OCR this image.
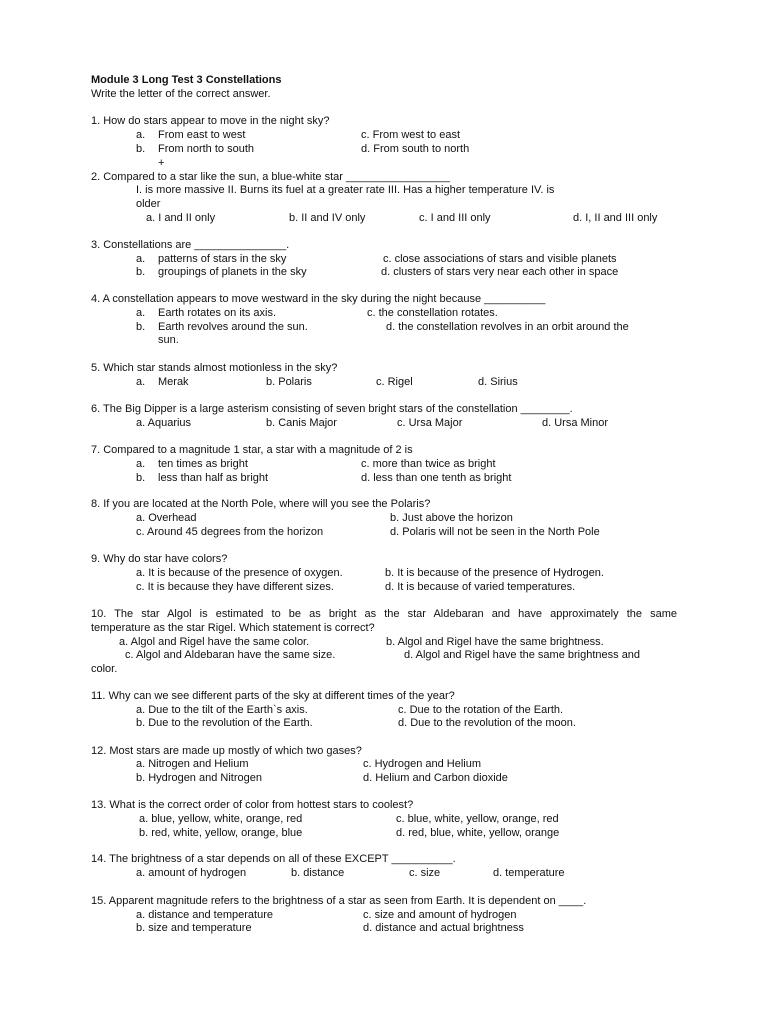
Module 3 Long Test 3 Constellations
Write the letter of the correct answer.
1. How do stars appear to move in the night sky?
a. From east to west	c. From west to east
b. From north to south	d. From south to north
+
2. Compared to a star like the sun, a blue-white star _________________
I. is more massive II. Burns its fuel at a greater rate III. Has a higher temperature IV. is
older
a. I and II only	b. II and IV only	c. I and III only	d. I, II and III only
3. Constellations are _______________.
a. patterns of stars in the sky	c. close associations of stars and visible planets
b. groupings of planets in the sky	d. clusters of stars very near each other in space
4. A constellation appears to move westward in the sky during the night because __________
a. Earth rotates on its axis.	c. the constellation rotates.
b. Earth revolves around the sun.	d. the constellation revolves in an orbit around the
sun.
5. Which star stands almost motionless in the sky?
a. Merak	b. Polaris	c. Rigel	d. Sirius
6. The Big Dipper is a large asterism consisting of seven bright stars of the constellation ________.
a. Aquarius	b. Canis Major	c. Ursa Major	d. Ursa Minor
7. Compared to a magnitude 1 star, a star with a magnitude of 2 is
a. ten times as bright	c. more than twice as bright
b. less than half as bright	d. less than one tenth as bright
8. If you are located at the North Pole, where will you see the Polaris?
a. Overhead	b. Just above the horizon
c. Around 45 degrees from the horizon	d. Polaris will not be seen in the North Pole
9. Why do star have colors?
a. It is because of the presence of oxygen.	b. It is because of the presence of Hydrogen.
c. It is because they have different sizes.	d. It is because of varied temperatures.
10. The star Algol is estimated to be as bright as the star Aldebaran and have approximately the same
temperature as the star Rigel. Which statement is correct?
a. Algol and Rigel have the same color.	b. Algol and Rigel have the same brightness.
c. Algol and Aldebaran have the same size.	d. Algol and Rigel have the same brightness and
color.
11. Why can we see different parts of the sky at different times of the year?
a. Due to the tilt of the Earth`s axis.	c. Due to the rotation of the Earth.
b. Due to the revolution of the Earth.	d. Due to the revolution of the moon.
12. Most stars are made up mostly of which two gases?
a. Nitrogen and Helium	c. Hydrogen and Helium
b. Hydrogen and Nitrogen	d. Helium and Carbon dioxide
13. What is the correct order of color from hottest stars to coolest?
a. blue, yellow, white, orange, red	c. blue, white, yellow, orange, red
b. red, white, yellow, orange, blue	d. red, blue, white, yellow, orange
14. The brightness of a star depends on all of these EXCEPT __________.
a. amount of hydrogen	b. distance	c. size	d. temperature
15. Apparent magnitude refers to the brightness of a star as seen from Earth. It is dependent on ____.
a. distance and temperature	c. size and amount of hydrogen
b. size and temperature	d. distance and actual brightness
